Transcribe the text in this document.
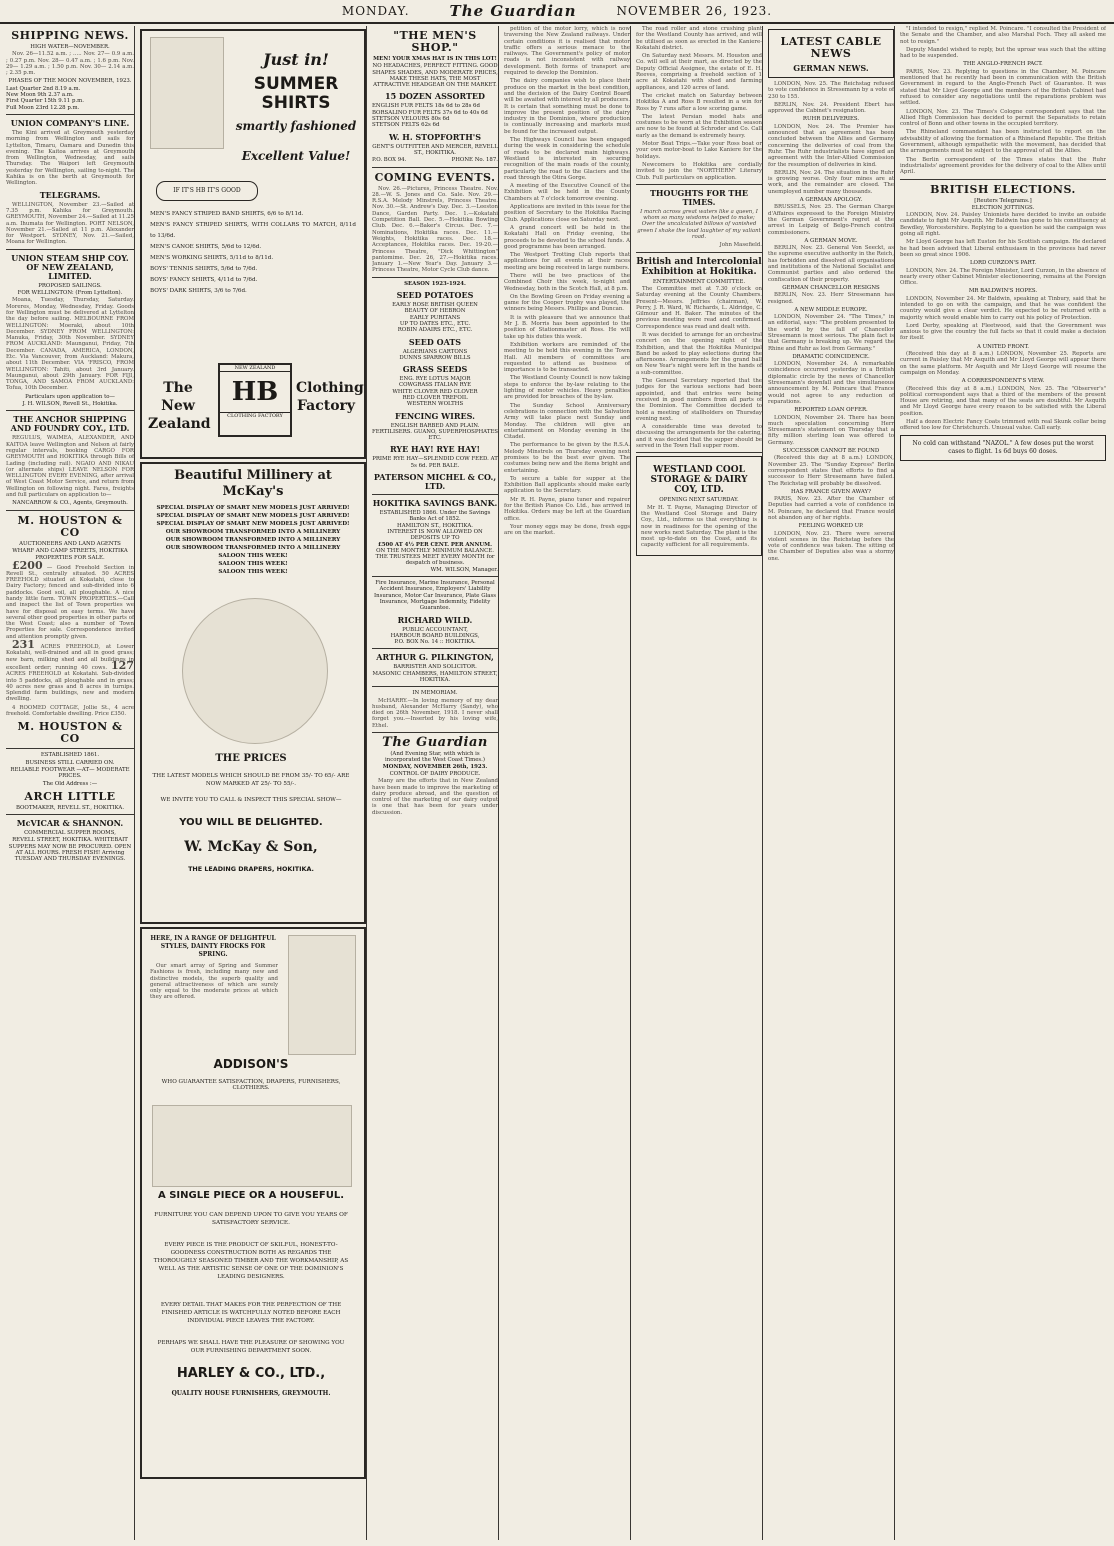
MONDAY.	The Guardian	NOVEMBER 26, 1923.
SHIPPING NEWS.
HIGH WATER—NOVEMBER.

Nov. 26—11.52 a.m. ; ..... Nov. 27— 0.9 a.m. ; 0.27 p.m. Nov. 28— 0.47 a.m. ; 1.6 p.m. Nov. 29— 1.29 a.m. ; 1.50 p.m. Nov. 30— 2.14 a.m. ; 2.35 p.m.

PHASES OF THE MOON NOVEMBER, 1923.
Last Quarter 2nd 8.19 a.m.
New Moon 9th 2.37 a.m.
First Quarter 15th 9.11 p.m.
Full Moon 23rd 12.28 p.m.
UNION COMPANY'S LINE.

The Kini arrived at Greymouth yesterday morning from Wellington and sails for Lyttelton, Timaru, Oamaru and Dunedin this evening. The Kaitoa arrives at Greymouth from Wellington, Wednesday, and sails Thursday. The Waipori left Greymouth yesterday for Wellington, sailing to-night. The Kahika is on the berth at Greymouth for Wellington.

TELEGRAMS.

WELLINGTON, November 23.—Sailed at 7.35 p.m. Kahika for Greymouth. GREYMOUTH, November 24.—Sailed at 11.25 a.m. Ihumata for Wellington. PORT NELSON, November 21.—Sailed at 11 p.m. Alexander for Westport. SYDNEY, Nov. 21.—Sailed, Moana for Wellington.

UNION STEAM SHIP COY. OF NEW ZEALAND, LIMITED.
PROPOSED SAILINGS.
FOR WELLINGTON: (From Lyttelton).

Moana, Tuesday, Thursday, Saturday. Moreres, Monday, Wednesday, Friday. Goods for Wellington must be delivered at Lyttelton the day before sailing. MELBOURNE FROM WELLINGTON: Moeraki, about 10th December. SYDNEY FROM WELLINGTON: Manuka, Friday, 30th November. SYDNEY FROM AUCKLAND: Maunganui, Friday, 7th December. CANADA, AMERICA, LONDON, Etc. Via Vancouver, from Auckland: Makura, about 11th December. VIA 'FRISCO, FROM WELLINGTON: Tahiti, about 3rd January. Maunganui, about 29th January. FOR FIJI, TONGA, AND SAMOA FROM AUCKLAND: Tofua, 10th December.

Particulars upon application to—
J. H. WILSON, Revell St., Hokitika.
THE ANCHOR SHIPPING AND FOUNDRY COY., LTD.

REGULUS, WAIMEA, ALEXANDER, AND KAITOA leave Wellington and Nelson at fairly regular intervals, booking CARGO FOR GREYMOUTH and HOKITIKA through Bills of Lading (including rail). NGAIO AND NIKAU (or alternate ships) LEAVE NELSON FOR WELLINGTON EVERY EVENING, after arrival of West Coast Motor Service, and return from Wellington on following night. Fares, freights and full particulars on application to—

NANCARROW & CO., Agents, Greymouth.
M. HOUSTON & CO
AUCTIONEERS AND LAND AGENTS
WHARF AND CAMP STREETS, HOKITIKA
PROPERTIES FOR SALE.

£200 — Good Freehold Section in Revell St., centrally situated. 50 ACRES FREEHOLD situated at Kokatahi, close to Dairy Factory; fenced and sub-divided into 6 paddocks. Good soil, all ploughable. A nice handy little farm. TOWN PROPERTIES.—Call and inspect the list of Town properties we have for disposal on easy terms. We have several other good properties in other parts of the West Coast; also a number of Town Properties for sale. Correspondence invited and attention promptly given.

231 ACRES FREEHOLD, at Lower Kokatahi, well-drained and all in good grass; new barn, milking shed and all buildings in excellent order; running 40 cows. 127 ACRES FREEHOLD at Kokatahi. Sub-divided into 5 paddocks, all ploughable and in grass; 40 acres new grass and 8 acres in turnips. Splendid farm buildings, new and modern dwelling.

4 ROOMED COTTAGE, Jollie St., 4 acre freehold. Comfortable dwelling. Price £350.

M. HOUSTON & CO
ESTABLISHED 1861.
BUSINESS STILL CARRIED ON.
RELIABLE FOOTWEAR —AT— MODERATE PRICES.
The Old Address :—
ARCH LITTLE
BOOTMAKER, REVELL ST., HOKITIKA.
McVICAR & SHANNON.
COMMERCIAL SUPPER ROOMS,
REVELL STREET, HOKITIKA. WHITEBAIT SUPPERS MAY NOW BE PROCURED. OPEN AT ALL HOURS. FRESH FISH! Arriving TUESDAY AND THURSDAY EVENINGS.
Just in!
SUMMER SHIRTS
smartly fashioned
Excellent Value!
IF IT'S HB IT'S GOOD
MEN'S FANCY STRIPED BAND SHIRTS, 6/6 to 8/11d.
MEN'S FANCY STRIPED SHIRTS, WITH COLLARS TO MATCH, 8/11d to 13/6d.
MEN'S CANOE SHIRTS, 5/6d to 12/6d.
MEN'S WORKING SHIRTS, 5/11d to 8/11d.
BOYS' TENNIS SHIRTS, 5/6d to 7/6d.
BOYS' FANCY SHIRTS, 4/11d to 7/6d.
BOYS' DARK SHIRTS, 3/6 to 7/6d.
The New Zealand
NEW ZEALAND
HB
CLOTHING FACTORY
Clothing Factory
Beautiful Millinery at McKay's
SPECIAL DISPLAY OF SMART NEW MODELS JUST ARRIVED!
SPECIAL DISPLAY OF SMART NEW MODELS JUST ARRIVED!
SPECIAL DISPLAY OF SMART NEW MODELS JUST ARRIVED!
OUR SHOWROOM TRANSFORMED INTO A MILLINERY
OUR SHOWROOM TRANSFORMED INTO A MILLINERY
OUR SHOWROOM TRANSFORMED INTO A MILLINERY
SALOON THIS WEEK!
SALOON THIS WEEK!
SALOON THIS WEEK!
THE PRICES
THE LATEST MODELS WHICH SHOULD BE FROM 35/- TO 65/- ARE NOW MARKED AT 25/- TO 55/-.
WE INVITE YOU TO CALL & INSPECT THIS SPECIAL SHOW—
YOU WILL BE DELIGHTED.
W. McKay & Son,
THE LEADING DRAPERS, HOKITIKA.
HERE, IN A RANGE OF DELIGHTFUL STYLES, DAINTY FROCKS FOR SPRING.

Our smart array of Spring and Summer Fashions is fresh, including many new and distinctive models, the superb quality and general attractiveness of which are surely only equal to the moderate prices at which they are offered.

ADDISON'S
WHO GUARANTEE SATISFACTION, DRAPERS, FURNISHERS, CLOTHIERS.
A SINGLE PIECE OR A HOUSEFUL.
FURNITURE YOU CAN DEPEND UPON TO GIVE YOU YEARS OF SATISFACTORY SERVICE.
EVERY PIECE IS THE PRODUCT OF SKILFUL, HONEST-TO-GOODNESS CONSTRUCTION BOTH AS REGARDS THE THOROUGHLY SEASONED TIMBER AND THE WORKMANSHIP, AS WELL AS THE ARTISTIC SENSE OF ONE OF THE DOMINION'S LEADING DESIGNERS.
EVERY DETAIL THAT MAKES FOR THE PERFECTION OF THE FINISHED ARTICLE IS WATCHFULLY NOTED BEFORE EACH INDIVIDUAL PIECE LEAVES THE FACTORY.
PERHAPS WE SHALL HAVE THE PLEASURE OF SHOWING YOU OUR FURNISHING DEPARTMENT SOON.
HARLEY & CO., LTD.,
QUALITY HOUSE FURNISHERS, GREYMOUTH.
"THE MEN'S SHOP."
MEN! YOUR XMAS HAT IS IN THIS LOT!
NO HEADACHES, PERFECT FITTING. GOOD SHAPES SHADES, AND MODERATE PRICES, MAKE THESE HATS, THE MOST ATTRACTIVE HEADGEAR ON THE MARKET.
15 DOZEN ASSORTED
ENGLISH FUR FELTS 18s 6d to 28s 6d
BORSALINO FUR FELTS 37s 6d to 40s 6d
STETSON VELOURS 80s 6d
STETSON FELTS 62s 6d
W. H. STOPFORTH'S
GENT'S OUTFITTER AND MERCER, REVELL ST., HOKITIKA.
P.O. BOX 94.	PHONE No. 187.
COMING EVENTS.

Nov. 26.—Pictures, Princess Theatre. Nov. 28.—W. S. Jones and Co. Sale. Nov. 29.—R.S.A. Melody Minstrels, Princess Theatre. Nov. 30.—St. Andrew's Day. Dec. 3.—Leeston Dance, Garden Party. Dec. 1.—Kokatahi Competition Ball. Dec. 5.—Hokitika Bowling Club. Dec. 6.—Baker's Circus. Dec. 7.—Nominations, Hokitika races. Dec. 11.—Weights, Hokitika races. Dec. 18.—Acceptances, Hokitika races. Dec. 19-20.—Princess Theatre, "Dick Whittington" pantomime. Dec. 26, 27.—Hokitika races. January 1.—New Year's Day. January 3.—Princess Theatre, Motor Cycle Club dance.

SEASON 1923-1924.
SEED POTATOES
EARLY ROSE BRITISH QUEEN
BEAUTY OF HEBRON
EARLY PURITANS
UP TO DATES ETC., ETC.
ROBIN ADAIRS ETC., ETC.
SEED OATS
ALGERIANS CARTONS
DUNNS SPARROW BILLS
GRASS SEEDS
ENG. RYE LOTUS MAJOR
COWGRASS ITALIAN RYE
WHITE CLOVER RED CLOVER
RED CLOVER TREFOIL
WESTERN WOLTHS
FENCING WIRES.
ENGLISH BARBED AND PLAIN. FERTILISERS. GUANO, SUPERPHOSPHATES ETC.
RYE HAY! RYE HAY!
PRIME RYE HAY—SPLENDID COW FEED. AT 5s 6d. PER BALE.
PATERSON MICHEL & CO., LTD.
HOKITIKA SAVINGS BANK.
ESTABLISHED 1866. Under the Savings Banks Act of 1852.
HAMILTON ST., HOKITIKA.
INTEREST IS NOW ALLOWED ON DEPOSITS UP TO
£500 AT 4½ PER CENT. PER ANNUM.
ON THE MONTHLY MINIMUM BALANCE.
THE TRUSTEES MEET EVERY MONTH for despatch of business.
WM. WILSON, Manager.
Fire Insurance, Marine Insurance, Personal Accident Insurance, Employers' Liability Insurance, Motor Car Insurance, Plate Glass Insurance, Mortgage Indemnity, Fidelity Guarantee.
RICHARD WILD.
PUBLIC ACCOUNTANT,
HARBOUR BOARD BUILDINGS,
P.O. BOX No. 14 :: HOKITIKA.
ARTHUR G. PILKINGTON,
BARRISTER AND SOLICITOR.
MASONIC CHAMBERS, HAMILTON STREET, HOKITIKA.
IN MEMORIAM.

McHARRY.—In loving memory of my dear husband, Alexander McHarry (Sandy), who died on 26th November, 1918. I never shall forget you.—Inserted by his loving wife, Ethel.

The Guardian
(And Evening Star, with which is incorporated the West Coast Times.)
MONDAY, NOVEMBER 26th, 1923.
CONTROL OF DAIRY PRODUCE.

Many are the efforts that in New Zealand have been made to improve the marketing of dairy produce abroad, and the question of control of the marketing of our dairy output is one that has been for years under discussion.

petition of the motor lorry, which is now traversing the New Zealand railways. Under certain conditions it is realised that motor traffic offers a serious menace to the railways. The Government's policy of motor roads is not inconsistent with railway development. Both forms of transport are required to develop the Dominion.

The dairy companies wish to place their produce on the market in the best condition, and the decision of the Dairy Control Board will be awaited with interest by all producers. It is certain that something must be done to improve the present position of the dairy industry in the Dominion, where production is continually increasing and markets must be found for the increased output.

The Highways Council has been engaged during the week in considering the schedule of roads to be declared main highways. Westland is interested in securing recognition of the main roads of the county, particularly the road to the Glaciers and the road through the Otira Gorge.

A meeting of the Executive Council of the Exhibition will be held in the County Chambers at 7 o'clock tomorrow evening.

Applications are invited in this issue for the position of Secretary to the Hokitika Racing Club. Applications close on Saturday next.

A grand concert will be held in the Kokatahi Hall on Friday evening, the proceeds to be devoted to the school funds. A good programme has been arranged.

The Westport Trotting Club reports that applications for all events at their races meeting are being received in large numbers.

There will be two practices of the Combined Choir this week, to-night and Wednesday, both in the Scotch Hall, at 8 p.m.

On the Bowling Green on Friday evening a game for the Cooper trophy was played, the winners being Messrs. Phillips and Duncan.

It is with pleasure that we announce that Mr J. B. Morris has been appointed to the position of Stationmaster at Ross. He will take up his duties this week.

Exhibition workers are reminded of the meeting to be held this evening in the Town Hall. All members of committees are requested to attend as business of importance is to be transacted.

The Westland County Council is now taking steps to enforce the by-law relating to the lighting of motor vehicles. Heavy penalties are provided for breaches of the by-law.

The Sunday School Anniversary celebrations in connection with the Salvation Army will take place next Sunday and Monday. The children will give an entertainment on Monday evening in the Citadel.

The performance to be given by the R.S.A. Melody Minstrels on Thursday evening next promises to be the best ever given. The costumes being new and the items bright and entertaining.

To secure a table for supper at the Exhibition Ball applicants should make early application to the Secretary.

Mr R. H. Payne, piano tuner and repairer for the British Pianos Co. Ltd., has arrived in Hokitika. Orders may be left at the Guardian office.

Your money eggs may be done, fresh eggs are on the market.

The road roller and stone crushing plant for the Westland County has arrived, and will be utilised as soon as erected in the Kaniere-Kokatahi district.

On Saturday next Messrs. M. Houston and Co. will sell at their mart, as directed by the Deputy Official Assignee, the estate of E. H. Reeves, comprising a freehold section of 1 acre at Kokatahi with shed and farming appliances, and 120 acres of land.

The cricket match on Saturday between Hokitika A and Ross B resulted in a win for Ross by 7 runs after a low scoring game.

The latest Persian model hats and costumes to be worn at the Exhibition season are now to be found at Schroder and Co. Call early as the demand is extremely heavy.

Motor Boat Trips.—Take your Ross boat or your own motor-boat to Lake Kaniere for the holidays.

Newcomers to Hokitika are cordially invited to join the "NORTHERN" Literary Club. Full particulars on application.

THOUGHTS FOR THE TIMES.

I march across great waters like a queen, I whom so many wisdoms helped to make; Over the uncalculated billows of vanished green I shake the loud laughter of my valiant road.

John Masefield.
British and Intercolonial Exhibition at Hokitika.
ENTERTAINMENT COMMITTEE.

The Committee met at 7.30 o'clock on Saturday evening at the County Chambers. Present—Messrs. Jeffries (chairman), W. Perry, J. R. Ward, W. Richards, L. Aldridge, C. Gilmour and H. Baker. The minutes of the previous meeting were read and confirmed. Correspondence was read and dealt with.

It was decided to arrange for an orchestral concert on the opening night of the Exhibition, and that the Hokitika Municipal Band be asked to play selections during the afternoons. Arrangements for the grand ball on New Year's night were left in the hands of a sub-committee.

The General Secretary reported that the judges for the various sections had been appointed, and that entries were being received in good numbers from all parts of the Dominion. The Committee decided to hold a meeting of stallholders on Thursday evening next.

A considerable time was devoted to discussing the arrangements for the catering, and it was decided that the supper should be served in the Town Hall supper room.

WESTLAND COOL STORAGE & DAIRY COY, LTD.
OPENING NEXT SATURDAY.

Mr H. T. Payne, Managing Director of the Westland Cool Storage and Dairy Coy., Ltd., informs us that everything is now in readiness for the opening of the new works next Saturday. The plant is the most up-to-date on the Coast, and its capacity sufficient for all requirements.

LATEST CABLE NEWS
GERMAN NEWS.

LONDON, Nov. 25. The Reichstag refused to vote confidence in Stresemann by a vote of 230 to 155.

BERLIN, Nov. 24. President Ebert has approved the Cabinet's resignation.

RUHR DELIVERIES.

LONDON, Nov. 24. The Premier has announced that an agreement has been concluded between the Allies and Germany concerning the deliveries of coal from the Ruhr. The Ruhr industrialists have signed an agreement with the Inter-Allied Commission for the resumption of deliveries in kind.

BERLIN, Nov. 24. The situation in the Ruhr is growing worse. Only four mines are at work, and the remainder are closed. The unemployed number many thousands.

A GERMAN APOLOGY.

BRUSSELS, Nov. 25. The German Charge d'Affaires expressed to the Foreign Ministry the German Government's regret at the arrest in Leipzig of Belgo-French control commissioners.

A GERMAN MOVE.

BERLIN, Nov. 23. General Von Seeckt, as the supreme executive authority in the Reich, has forbidden and dissolved all organisations and institutions of the National Socialist and Communist parties and also ordered the confiscation of their property.

GERMAN CHANCELLOR RESIGNS

BERLIN, Nov. 23. Herr Stresemann has resigned.

A NEW MIDDLE EUROPE.

LONDON, November 24. "The Times," in an editorial, says: "The problem presented to the world by the fall of Chancellor Stresemann is most serious. The plain fact is that Germany is breaking up. We regard the Rhine and Ruhr as lost from Germany."

DRAMATIC COINCIDENCE.

LONDON, November 24. A remarkable coincidence occurred yesterday in a British diplomatic circle by the news of Chancellor Stresemann's downfall and the simultaneous announcement by M. Poincare that France would not agree to any reduction of reparations.

REPORTED LOAN OFFER.

LONDON, November 24. There has been much speculation concerning Herr Stresemann's statement on Thursday that a fifty million sterling loan was offered to Germany.

SUCCESSOR CANNOT BE FOUND

(Received this day at 8 a.m.) LONDON, November 25. The "Sunday Express" Berlin correspondent states that efforts to find a successor to Herr Stresemann have failed. The Reichstag will probably be dissolved.

HAS FRANCE GIVEN AWAY?

PARIS, Nov. 23. After the Chamber of Deputies had carried a vote of confidence in M. Poincare, he declared that France would not abandon any of her rights.

FEELING WORKED UP.

LONDON, Nov. 23. There were several violent scenes in the Reichstag before the vote of confidence was taken. The sitting of the Chamber of Deputies also was a stormy one.

"I intended to resign," replied M. Poincare. "I consulted the President of the Senate and the Chamber, and also Marshal Foch. They all asked me not to resign."

Deputy Mandel wished to reply, but the uproar was such that the sitting had to be suspended.

THE ANGLO-FRENCH PACT.

PARIS, Nov. 23. Replying to questions in the Chamber, M. Poincare mentioned that he recently had been in communication with the British Government in regard to the Anglo-French Pact of Guarantee. It was stated that Mr Lloyd George and the members of the British Cabinet had refused to consider any negotiations until the reparations problem was settled.

LONDON, Nov. 23. The Times's Cologne correspondent says that the Allied High Commission has decided to permit the Separatists to retain control of Bonn and other towns in the occupied territory.

The Rhineland commandant has been instructed to report on the advisability of allowing the formation of a Rhineland Republic. The British Government, although sympathetic with the movement, has decided that the arrangements must be subject to the approval of all the Allies.

The Berlin correspondent of the Times states that the Ruhr industrialists' agreement provides for the delivery of coal to the Allies until April.

BRITISH ELECTIONS.
[Reuters Telegrams.]
ELECTION JOTTINGS.

LONDON, Nov. 24. Paisley Unionists have decided to invite an outside candidate to fight Mr Asquith. Mr Baldwin has gone to his constituency at Bewdley, Worcestershire. Replying to a question he said the campaign was going all right.

Mr Lloyd George has left Euston for his Scottish campaign. He declared he had been advised that Liberal enthusiasm in the provinces had never been so great since 1906.

LORD CURZON'S PART.

LONDON, Nov. 24. The Foreign Minister, Lord Curzon, in the absence of nearly every other Cabinet Minister electioneering, remains at the Foreign Office.

MR BALDWIN'S HOPES.

LONDON, November 24. Mr Baldwin, speaking at Tinbury, said that he intended to go on with the campaign, and that he was confident the country would give a clear verdict. He expected to be returned with a majority which would enable him to carry out his policy of Protection.

Lord Derby, speaking at Fleetwood, said that the Government was anxious to give the country the full facts so that it could make a decision for itself.

A UNITED FRONT.

(Received this day at 8 a.m.) LONDON, November 25. Reports are current in Paisley that Mr Asquith and Mr Lloyd George will appear there on the same platform. Mr Asquith and Mr Lloyd George will resume the campaign on Monday.

A CORRESPONDENT'S VIEW.

(Received this day at 8 a.m.) LONDON, Nov. 25. The "Observer's" political correspondent says that a third of the members of the present House are retiring, and that many of the seats are doubtful. Mr Asquith and Mr Lloyd George have every reason to be satisfied with the Liberal position.

Half a dozen Electric Fancy Coats trimmed with real Skunk collar being offered too low for Christchurch. Unusual value. Call early.

No cold can withstand "NAZOL." A few doses put the worst cases to flight. 1s 6d buys 60 doses.
